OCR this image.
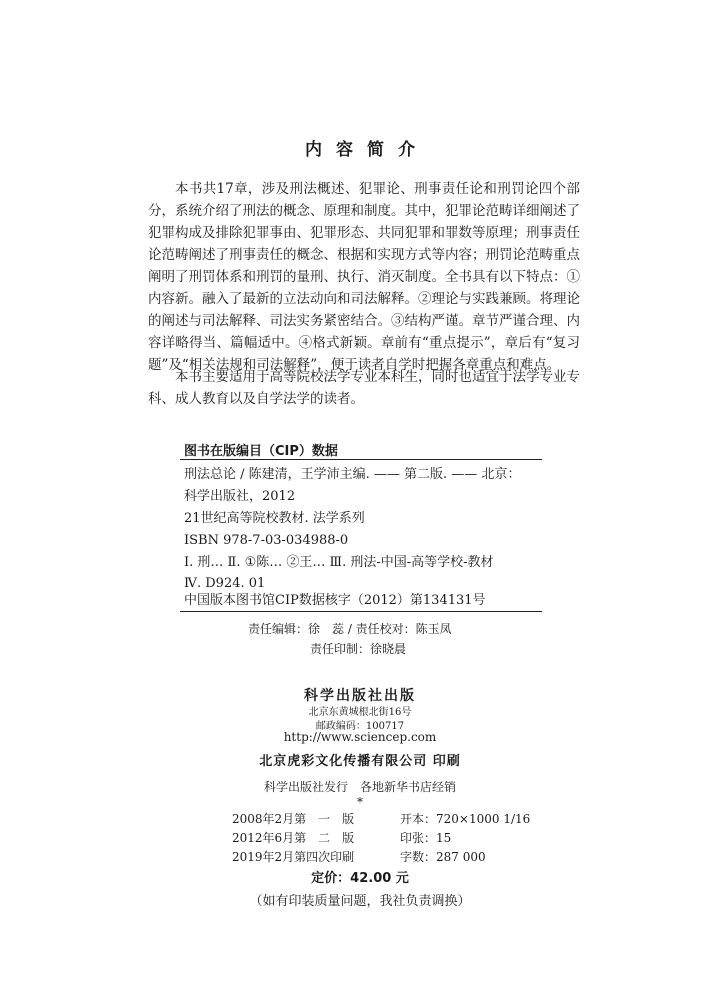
内容简介

本书共17章，涉及刑法概述、犯罪论、刑事责任论和刑罚论四个部分，系统介绍了刑法的概念、原理和制度。其中，犯罪论范畴详细阐述了犯罪构成及排除犯罪事由、犯罪形态、共同犯罪和罪数等原理；刑事责任论范畴阐述了刑事责任的概念、根据和实现方式等内容；刑罚论范畴重点阐明了刑罚体系和刑罚的量刑、执行、消灭制度。全书具有以下特点：①内容新。融入了最新的立法动向和司法解释。②理论与实践兼顾。将理论的阐述与司法解释、司法实务紧密结合。③结构严谨。章节严谨合理、内容详略得当、篇幅适中。④格式新颖。章前有“重点提示”，章后有“复习题”及“相关法规和司法解释”，便于读者自学时把握各章重点和难点。

本书主要适用于高等院校法学专业本科生，同时也适宜于法学专业专科、成人教育以及自学法学的读者。

图书在版编目（CIP）数据
刑法总论 / 陈建清，王学沛主编. —— 第二版. —— 北京：
科学出版社，2012
21世纪高等院校教材. 法学系列
ISBN 978-7-03-034988-0
Ⅰ. 刑… Ⅱ. ①陈… ②王… Ⅲ. 刑法-中国-高等学校-教材
Ⅳ. D924. 01
中国版本图书馆CIP数据核字（2012）第134131号
责任编辑：徐　蕊 / 责任校对：陈玉凤
责任印制：徐晓晨
科学出版社出版
北京东黄城根北街16号
邮政编码：100717
http://www.sciencep.com
北京虎彩文化传播有限公司 印刷
科学出版社发行　各地新华书店经销
*
2008年2月第　一　版	开本：720×1000 1/16
2012年6月第　二　版	印张：15
2019年2月第四次印刷	字数：287 000
定价：42.00 元
（如有印装质量问题，我社负责调换）
